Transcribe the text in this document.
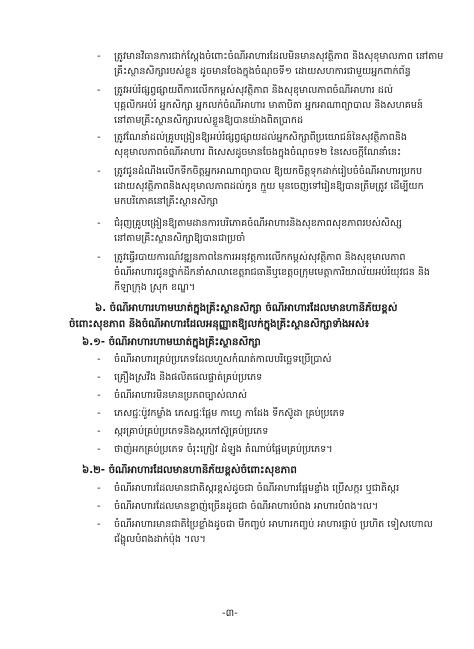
- ត្រូវមានវិធានការជាក់ស្ដែងចំពោះចំណីអាហារដែលមិនមានសុវត្ថិភាព និងសុខុមាលភាព នៅតាម
គ្រឹះស្ថានសិក្សារបស់ខ្លួន ដូចមានចែងក្នុងចំណុចទី១ ដោយសហការជាមួយអ្នកពាក់ព័ន្ធ
- ត្រូវអប់រំផ្សព្វផ្សាយពីការលើកកម្ពស់សុវត្ថិភាព និងសុខុមាលភាពចំណីអាហារ ដល់
បុគ្គលិកអប់រំ អ្នកសិក្សា អ្នកលក់ចំណីអាហារ មាតាបិតា អ្នកអាណាព្យាបាល និងសហគមន៍
នៅតាមគ្រឹះស្ថានសិក្សារបស់ខ្លួនឱ្យបានយ៉ាងពិតប្រាកដ
- ត្រូវណែនាំដល់គ្រូបង្រៀនឱ្យអប់រំផ្សព្វផ្សាយដល់អ្នកសិក្សាពីប្រយោជន៍នៃសុវត្ថិភាពនិង
សុខុមាលភាពចំណីអាហារ ពិសេសដូចមានចែងក្នុងចំណុចទ២ នៃសេចក្ដីណែនាំនេះ
- ត្រូវជូនដំណឹងលើកទឹកចិត្តអ្នកអាណាព្យាបាល ឱ្យយកចិត្តទុកដាក់រៀបចំចំណីអាហារប្រកប
ដោយសុវត្ថិភាពនិងសុខុមាលភាពដល់កូន ក្មួយ មុនចេញទៅរៀនឱ្យបានត្រឹមត្រូវ ដើម្បីយក
មកបរិភោគនៅគ្រឹះស្ថានសិក្សា
- ជំរុញគ្រូបង្រៀនឱ្យតាមដានការបរិភោគចំណីអាហារនិងសុខភាពសុខភាពរបស់សិស្ស
នៅតាមគ្រឹះស្ថានសិក្សាឱ្យបានជាប្រចាំ
- ត្រូវធ្វើរបាយការណ៍វឌ្ឍនភាពនៃការអនុវត្តការលើកកម្ពស់សុវត្ថិភាព និងសុខុមាលភាព
ចំណីអាហារជូនថ្នាក់ដឹកនាំសាលាខេត្តរាជធានីឬខេត្តចក្រុមមេត្តាការិយាល័យអប់រំយុវជន និង
កីឡាក្រុង ស្រុក ខណ្ឌ។
៦. ចំណីអាហារហាមឃាត់ក្នុងគ្រឹះស្ថានសិក្សា ចំណីអាហារដែលមានហានិភ័យខ្ពស់
ចំពោះសុខភាព និងចំណីអាហារដែលអនុញ្ញាតឱ្យលក់ក្នុងគ្រឹះស្ថានសិក្សាទាំងអស់៖
៦.១- ចំណីអាហារហាមឃាត់ក្នុងគ្រឹះស្ថានសិក្សា
- ចំណីអាហារគ្រប់ប្រភេទដែលហួសកំណត់កាលបរិច្ឆេទប្រើប្រាស់
- គ្រឿងស្រវឹង និងផលិតផលផ្ទាត់គ្រប់ប្រភេទ
- ចំណីអាហារមិនមានប្រភពច្បាស់លាស់
- ភេសជ្ជៈប៉ូវកម្លាំង ភេសជ្ជៈផ្អែម កាហ្វេ កាដែង ទឹកស៊ូដា គ្រប់ប្រភេទ
- ស្ករគ្រាប់គ្រប់ប្រភេទនិងស្ករកៅស៊ូគ្រប់ប្រភេទ
- ថាញ់អកគ្រប់ប្រភេទ ចំរុះក្រៀវ ដំឡូង តំណាប់ផ្អែមគ្រប់ប្រភេទ។
៦.២- ចំណីអាហារដែលមានហានិភ័យខ្ពស់ចំពោះសុខភាព
- ចំណីអាហារដែលមានជាតិស្ករខ្ពស់ដូចជា ចំណីអាហារផ្អែមខ្លាំង ប្រើសក្ករ ឬជាតិស្ករ
- ចំណីអាហារដែលមានខ្លាញ់ច្រើនដូចជា ចំណីអាហារបំពង អាហារបំពង។ល។
- ចំណីអាហារមានជាតិប្រៃខ្លាំងដូចជា មីកញ្ចប់ អាហារកញ្ចប់ អាហារផ្ញាប់ ប្រហិត ទៀសហោល
ជ័ង្ហុលបំពងដាក់ប៉ុង ។ល។
-៣-
